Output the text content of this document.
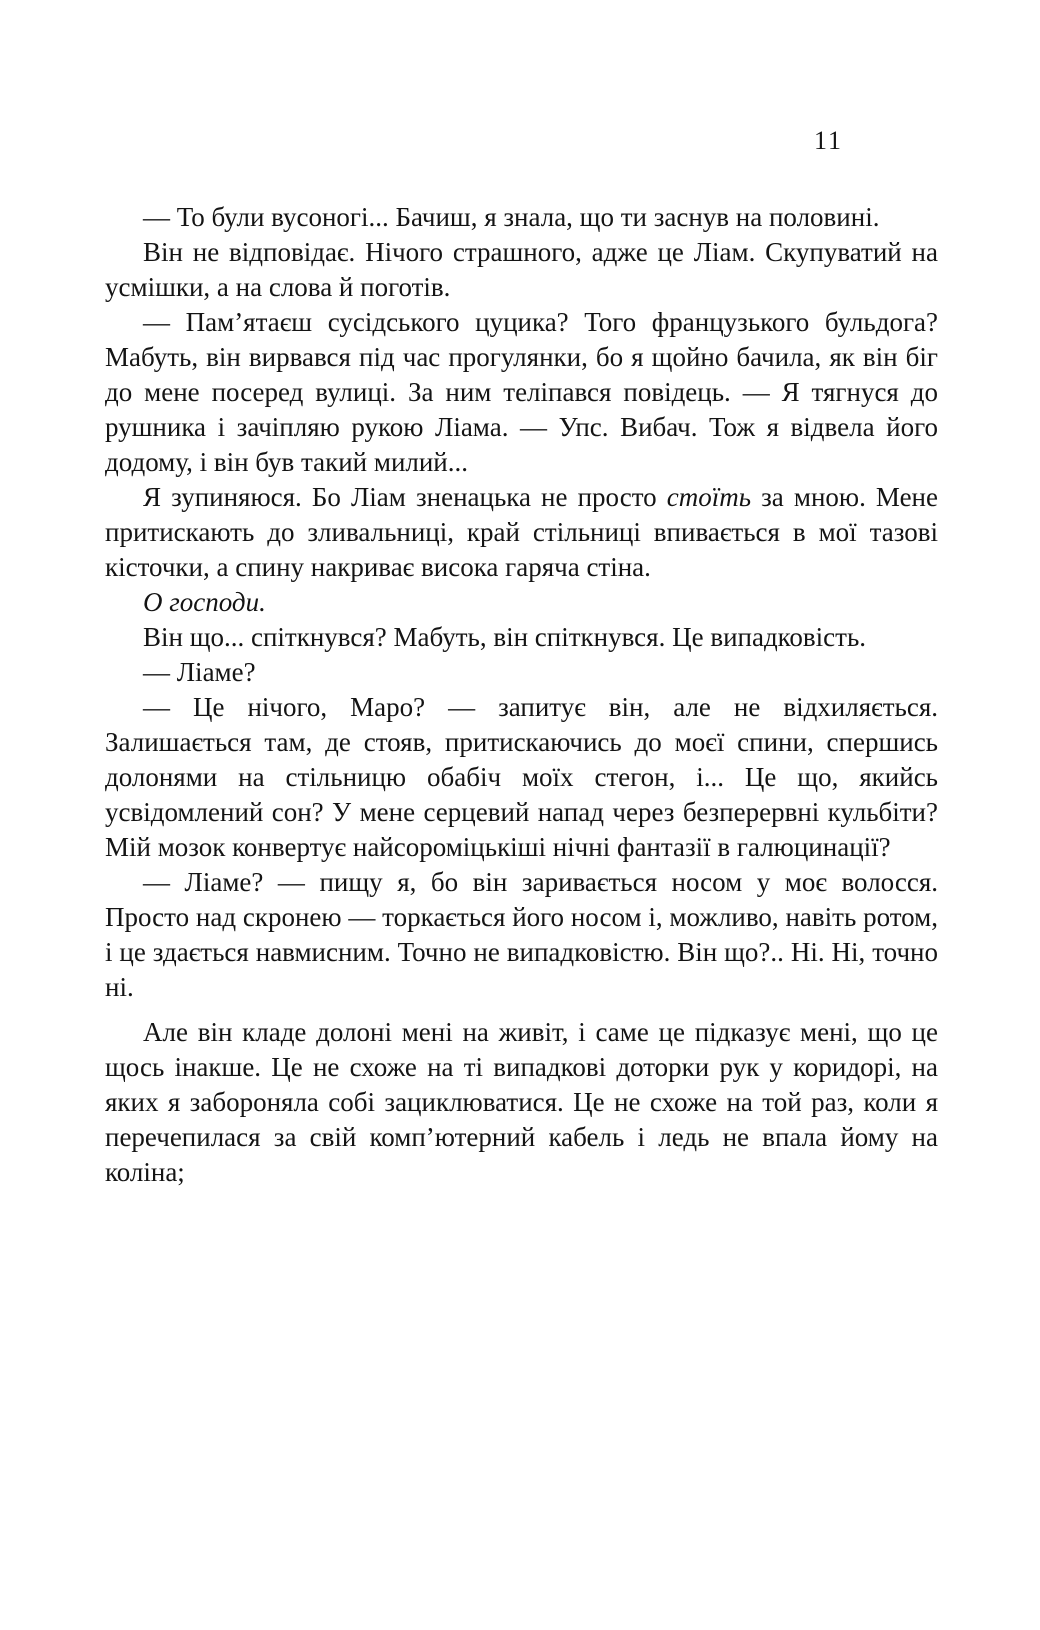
11

— То були вусоногі... Бачиш, я знала, що ти заснув на половині.

Він не відповідає. Нічого страшного, адже це Ліам. Скупуватий на усмішки, а на слова й поготів.

— Пам’ятаєш сусідського цуцика? Того французького бульдога? Мабуть, він вирвався під час прогулянки, бо я щойно бачила, як він біг до мене посеред вулиці. За ним теліпався повідець. — Я тягнуся до рушника і зачіпляю рукою Ліама. — Упс. Вибач. Тож я відвела його додому, і він був такий милий...

Я зупиняюся. Бо Ліам зненацька не просто стоїть за мною. Мене притискають до зливальниці, край стільниці впивається в мої тазові кісточки, а спину накриває висока гаряча стіна.

О господи.

Він що... спіткнувся? Мабуть, він спіткнувся. Це випадковість.

— Ліаме?

— Це нічого, Маро? — запитує він, але не відхиляється. Залишається там, де стояв, притискаючись до моєї спини, спершись долонями на стільницю обабіч моїх стегон, і... Це що, якийсь усвідомлений сон? У мене серцевий напад через безперервні кульбіти? Мій мозок конвертує найсороміцькіші нічні фантазії в галюцинації?

— Ліаме? — пищу я, бо він заривається носом у моє волосся. Просто над скронею — торкається його носом і, можливо, навіть ротом, і це здається навмисним. Точно не випадковістю. Він що?.. Ні. Ні, точно ні.

Але він кладе долоні мені на живіт, і саме це підказує мені, що це щось інакше. Це не схоже на ті випадкові доторки рук у коридорі, на яких я забороняла собі зациклюватися. Це не схоже на той раз, коли я перечепилася за свій комп’ютерний кабель і ледь не впала йому на коліна;
